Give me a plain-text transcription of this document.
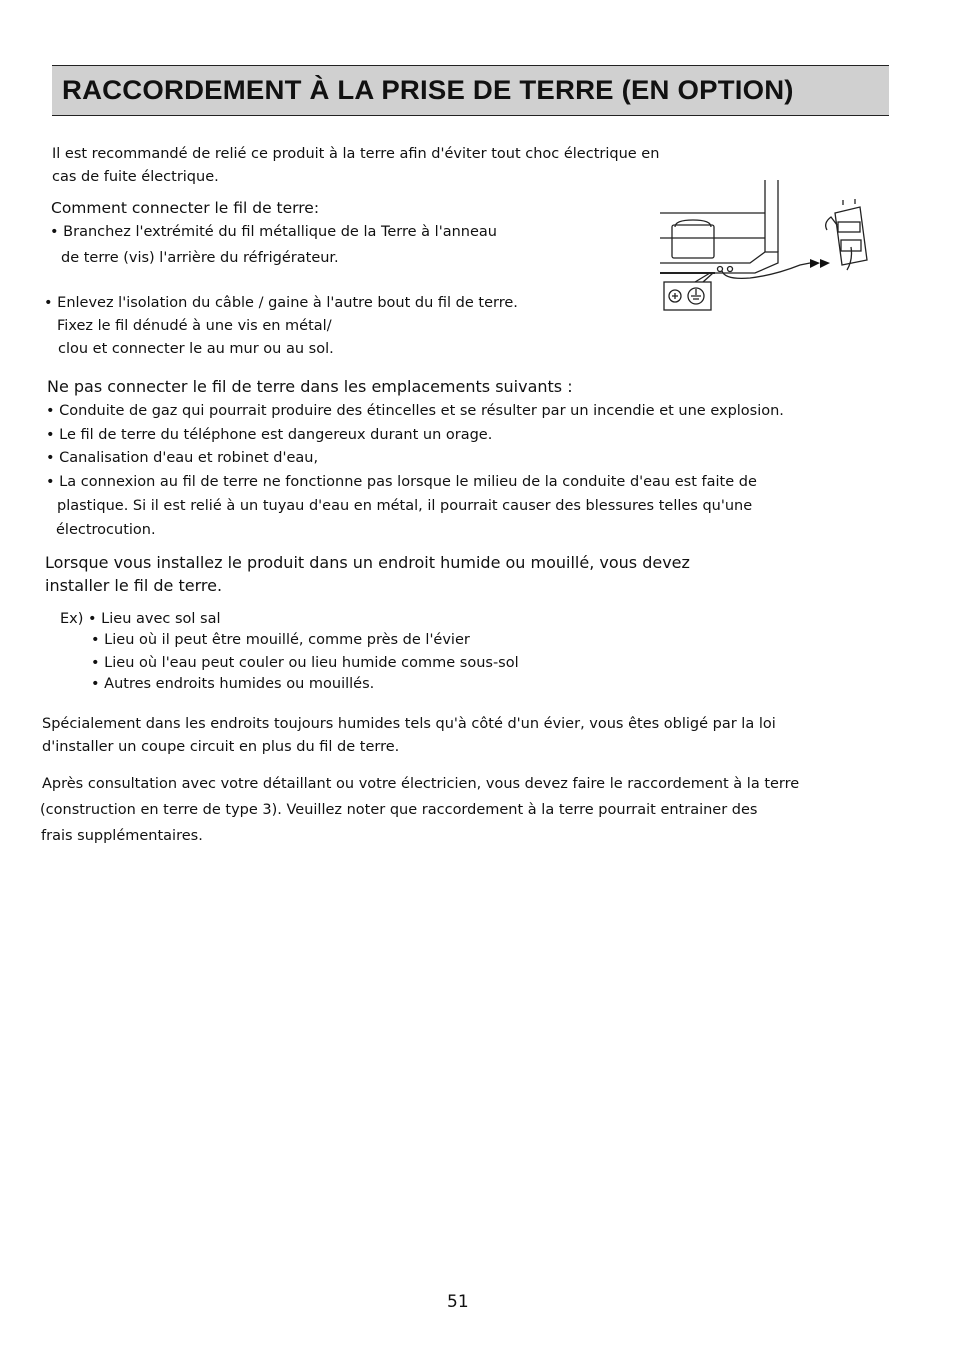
RACCORDEMENT À LA PRISE DE TERRE (EN OPTION)
Il est recommandé de relié ce produit à la terre afin d'éviter tout choc électrique en
cas de fuite électrique.
Comment connecter le fil de terre:
• Branchez l'extrémité du fil métallique de la Terre à l'anneau
de terre (vis) l'arrière du réfrigérateur.
• Enlevez l'isolation du câble / gaine à l'autre bout du fil de terre.
Fixez le fil dénudé à une vis en métal/
clou et connecter le au mur ou au sol.
Ne pas connecter le fil de terre dans les emplacements suivants :
• Conduite de gaz qui pourrait produire des étincelles et se résulter par un incendie et une explosion.
• Le fil de terre du téléphone est dangereux durant un orage.
• Canalisation d'eau et robinet d'eau,
• La connexion au fil de terre ne fonctionne pas lorsque le milieu de la conduite d'eau est faite de
plastique. Si il est relié à un tuyau d'eau en métal, il pourrait causer des blessures telles qu'une
électrocution.
Lorsque vous installez le produit dans un endroit humide ou mouillé, vous devez
installer le fil de terre.
Ex) • Lieu avec sol sal
• Lieu où il peut être mouillé, comme près de l'évier
• Lieu où l'eau peut couler ou lieu humide comme sous-sol
• Autres endroits humides ou mouillés.
Spécialement dans les endroits toujours humides tels qu'à côté d'un évier, vous êtes obligé par la loi
d'installer un coupe circuit en plus du fil de terre.
Après consultation avec votre détaillant ou votre électricien, vous devez faire le raccordement à la terre
(construction en terre de type 3). Veuillez noter que raccordement à la terre pourrait entrainer des
frais supplémentaires.
51
